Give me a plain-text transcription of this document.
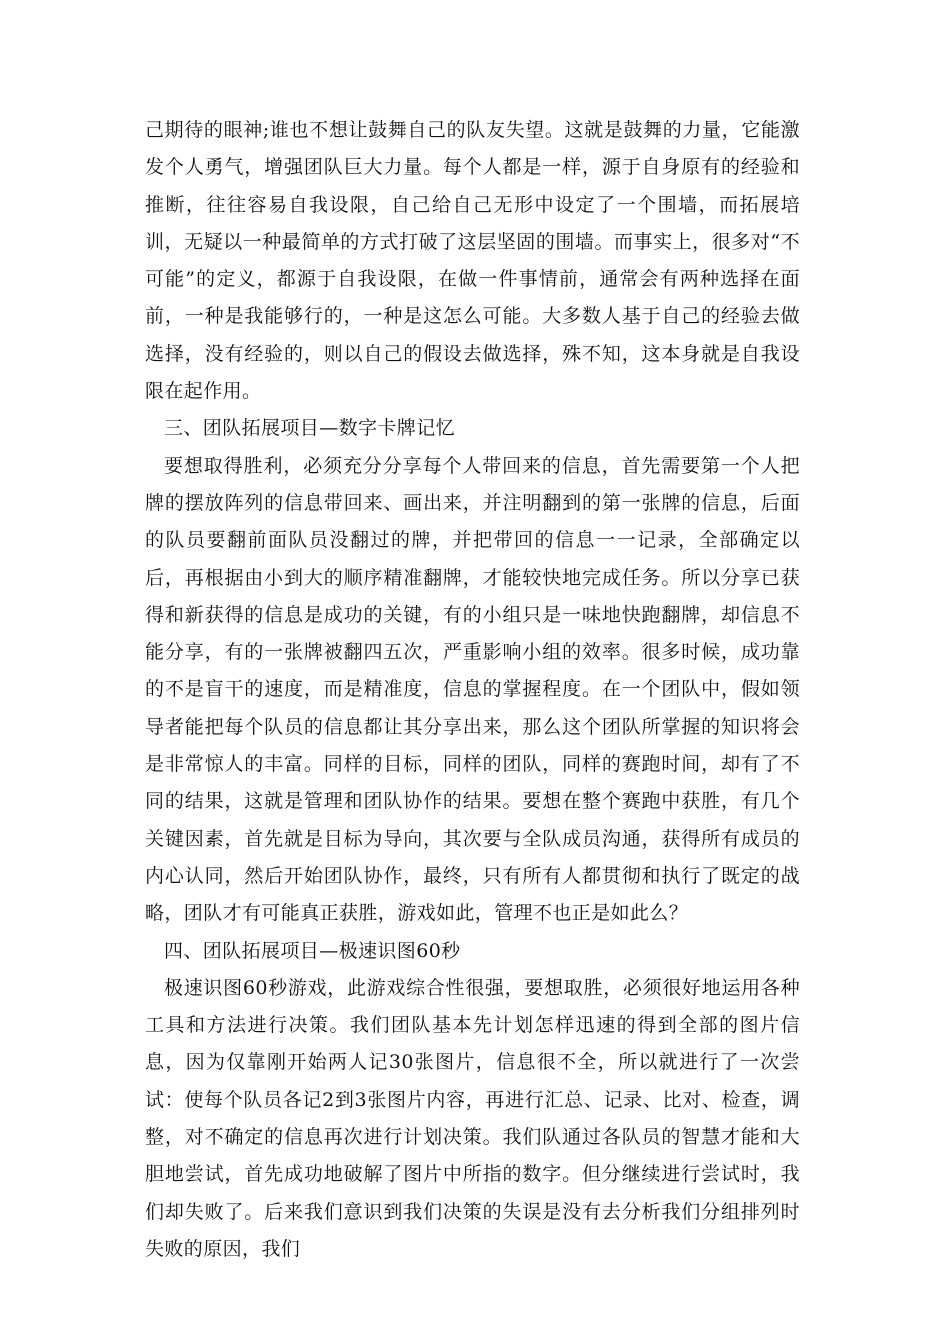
己期待的眼神;谁也不想让鼓舞自己的队友失望。这就是鼓舞的力量，它能激发个人勇气，增强团队巨大力量。每个人都是一样，源于自身原有的经验和推断，往往容易自我设限，自己给自己无形中设定了一个围墙，而拓展培训，无疑以一种最简单的方式打破了这层坚固的围墙。而事实上，很多对“不可能”的定义，都源于自我设限，在做一件事情前，通常会有两种选择在面前，一种是我能够行的，一种是这怎么可能。大多数人基于自己的经验去做选择，没有经验的，则以自己的假设去做选择，殊不知，这本身就是自我设限在起作用。

三、团队拓展项目—数字卡牌记忆

要想取得胜利，必须充分分享每个人带回来的信息，首先需要第一个人把牌的摆放阵列的信息带回来、画出来，并注明翻到的第一张牌的信息，后面的队员要翻前面队员没翻过的牌，并把带回的信息一一记录，全部确定以后，再根据由小到大的顺序精准翻牌，才能较快地完成任务。所以分享已获得和新获得的信息是成功的关键，有的小组只是一味地快跑翻牌，却信息不能分享，有的一张牌被翻四五次，严重影响小组的效率。很多时候，成功靠的不是盲干的速度，而是精准度，信息的掌握程度。在一个团队中，假如领导者能把每个队员的信息都让其分享出来，那么这个团队所掌握的知识将会是非常惊人的丰富。同样的目标，同样的团队，同样的赛跑时间，却有了不同的结果，这就是管理和团队协作的结果。要想在整个赛跑中获胜，有几个关键因素，首先就是目标为导向，其次要与全队成员沟通，获得所有成员的内心认同，然后开始团队协作，最终，只有所有人都贯彻和执行了既定的战略，团队才有可能真正获胜，游戏如此，管理不也正是如此么？

四、团队拓展项目—极速识图60秒

极速识图60秒游戏，此游戏综合性很强，要想取胜，必须很好地运用各种工具和方法进行决策。我们团队基本先计划怎样迅速的得到全部的图片信息，因为仅靠刚开始两人记30张图片，信息很不全，所以就进行了一次尝试：使每个队员各记2到3张图片内容，再进行汇总、记录、比对、检查，调整，对不确定的信息再次进行计划决策。我们队通过各队员的智慧才能和大胆地尝试，首先成功地破解了图片中所指的数字。但分继续进行尝试时，我们却失败了。后来我们意识到我们决策的失误是没有去分析我们分组排列时失败的原因，我们
